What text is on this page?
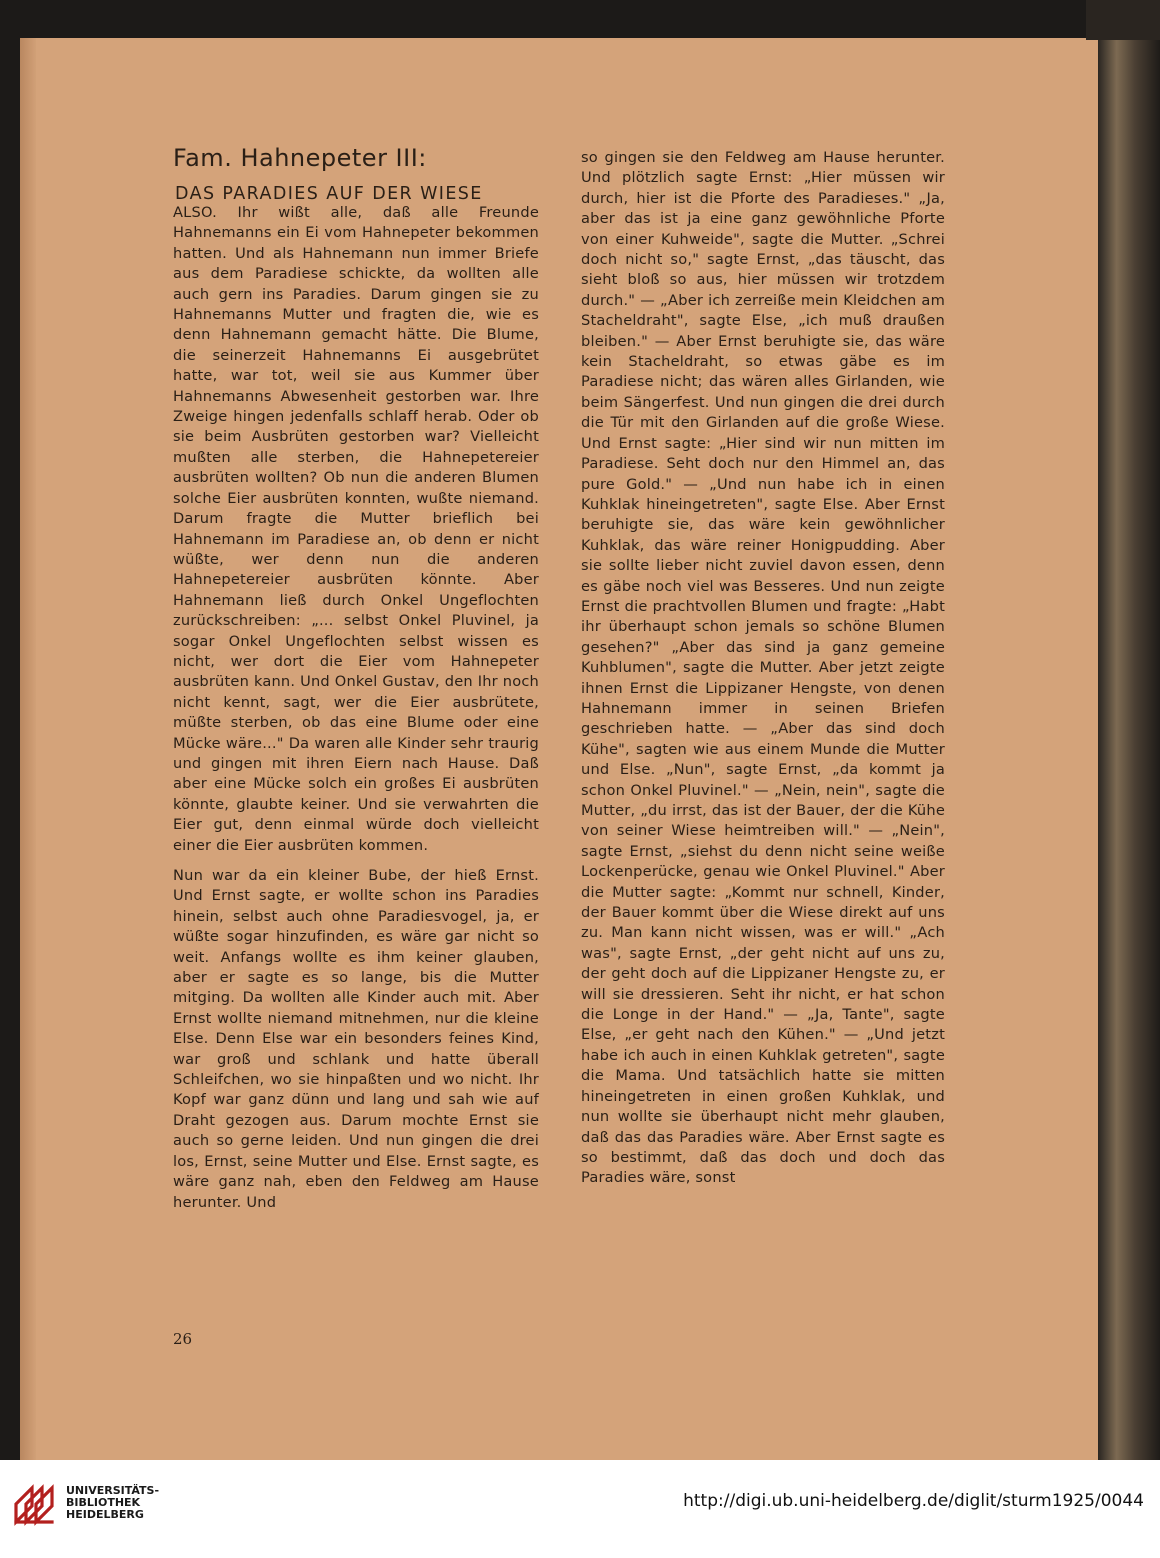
Fam. Hahnepeter III:
DAS PARADIES AUF DER WIESE

ALSO. Ihr wißt alle, daß alle Freunde Hahnemanns ein Ei vom Hahnepeter bekommen hatten. Und als Hahnemann nun immer Briefe aus dem Paradiese schickte, da wollten alle auch gern ins Paradies. Darum gingen sie zu Hahnemanns Mutter und fragten die, wie es denn Hahnemann gemacht hätte. Die Blume, die seinerzeit Hahnemanns Ei ausgebrütet hatte, war tot, weil sie aus Kummer über Hahnemanns Abwesenheit gestorben war. Ihre Zweige hingen jedenfalls schlaff herab. Oder ob sie beim Ausbrüten gestorben war? Vielleicht mußten alle sterben, die Hahnepetereier ausbrüten wollten? Ob nun die anderen Blumen solche Eier ausbrüten konnten, wußte niemand. Darum fragte die Mutter brieflich bei Hahnemann im Paradiese an, ob denn er nicht wüßte, wer denn nun die anderen Hahnepetereier ausbrüten könnte. Aber Hahnemann ließ durch Onkel Ungeflochten zurückschreiben: „... selbst Onkel Pluvinel, ja sogar Onkel Ungeflochten selbst wissen es nicht, wer dort die Eier vom Hahnepeter ausbrüten kann. Und Onkel Gustav, den Ihr noch nicht kennt, sagt, wer die Eier ausbrütete, müßte sterben, ob das eine Blume oder eine Mücke wäre..." Da waren alle Kinder sehr traurig und gingen mit ihren Eiern nach Hause. Daß aber eine Mücke solch ein großes Ei ausbrüten könnte, glaubte keiner. Und sie verwahrten die Eier gut, denn einmal würde doch vielleicht einer die Eier ausbrüten kommen.

Nun war da ein kleiner Bube, der hieß Ernst. Und Ernst sagte, er wollte schon ins Paradies hinein, selbst auch ohne Paradiesvogel, ja, er wüßte sogar hinzufinden, es wäre gar nicht so weit. Anfangs wollte es ihm keiner glauben, aber er sagte es so lange, bis die Mutter mitging. Da wollten alle Kinder auch mit. Aber Ernst wollte niemand mitnehmen, nur die kleine Else. Denn Else war ein besonders feines Kind, war groß und schlank und hatte überall Schleifchen, wo sie hinpaßten und wo nicht. Ihr Kopf war ganz dünn und lang und sah wie auf Draht gezogen aus. Darum mochte Ernst sie auch so gerne leiden. Und nun gingen die drei los, Ernst, seine Mutter und Else. Ernst sagte, es wäre ganz nah, eben den Feldweg am Hause herunter. Und

so gingen sie den Feldweg am Hause herunter. Und plötzlich sagte Ernst: „Hier müssen wir durch, hier ist die Pforte des Paradieses." „Ja, aber das ist ja eine ganz gewöhnliche Pforte von einer Kuhweide", sagte die Mutter. „Schrei doch nicht so," sagte Ernst, „das täuscht, das sieht bloß so aus, hier müssen wir trotzdem durch." — „Aber ich zerreiße mein Kleidchen am Stacheldraht", sagte Else, „ich muß draußen bleiben." — Aber Ernst beruhigte sie, das wäre kein Stacheldraht, so etwas gäbe es im Paradiese nicht; das wären alles Girlanden, wie beim Sängerfest. Und nun gingen die drei durch die Tür mit den Girlanden auf die große Wiese. Und Ernst sagte: „Hier sind wir nun mitten im Paradiese. Seht doch nur den Himmel an, das pure Gold." — „Und nun habe ich in einen Kuhklak hineingetreten", sagte Else. Aber Ernst beruhigte sie, das wäre kein gewöhnlicher Kuhklak, das wäre reiner Honigpudding. Aber sie sollte lieber nicht zuviel davon essen, denn es gäbe noch viel was Besseres. Und nun zeigte Ernst die prachtvollen Blumen und fragte: „Habt ihr überhaupt schon jemals so schöne Blumen gesehen?" „Aber das sind ja ganz gemeine Kuhblumen", sagte die Mutter. Aber jetzt zeigte ihnen Ernst die Lippizaner Hengste, von denen Hahnemann immer in seinen Briefen geschrieben hatte. — „Aber das sind doch Kühe", sagten wie aus einem Munde die Mutter und Else. „Nun", sagte Ernst, „da kommt ja schon Onkel Pluvinel." — „Nein, nein", sagte die Mutter, „du irrst, das ist der Bauer, der die Kühe von seiner Wiese heimtreiben will." — „Nein", sagte Ernst, „siehst du denn nicht seine weiße Lockenperücke, genau wie Onkel Pluvinel." Aber die Mutter sagte: „Kommt nur schnell, Kinder, der Bauer kommt über die Wiese direkt auf uns zu. Man kann nicht wissen, was er will." „Ach was", sagte Ernst, „der geht nicht auf uns zu, der geht doch auf die Lippizaner Hengste zu, er will sie dressieren. Seht ihr nicht, er hat schon die Longe in der Hand." — „Ja, Tante", sagte Else, „er geht nach den Kühen." — „Und jetzt habe ich auch in einen Kuhklak getreten", sagte die Mama. Und tatsächlich hatte sie mitten hineingetreten in einen großen Kuhklak, und nun wollte sie überhaupt nicht mehr glauben, daß das das Paradies wäre. Aber Ernst sagte es so bestimmt, daß das doch und doch das Paradies wäre, sonst

26
UNIVERSITÄTS-
BIBLIOTHEK
HEIDELBERG
http://digi.ub.uni-heidelberg.de/diglit/sturm1925/0044
